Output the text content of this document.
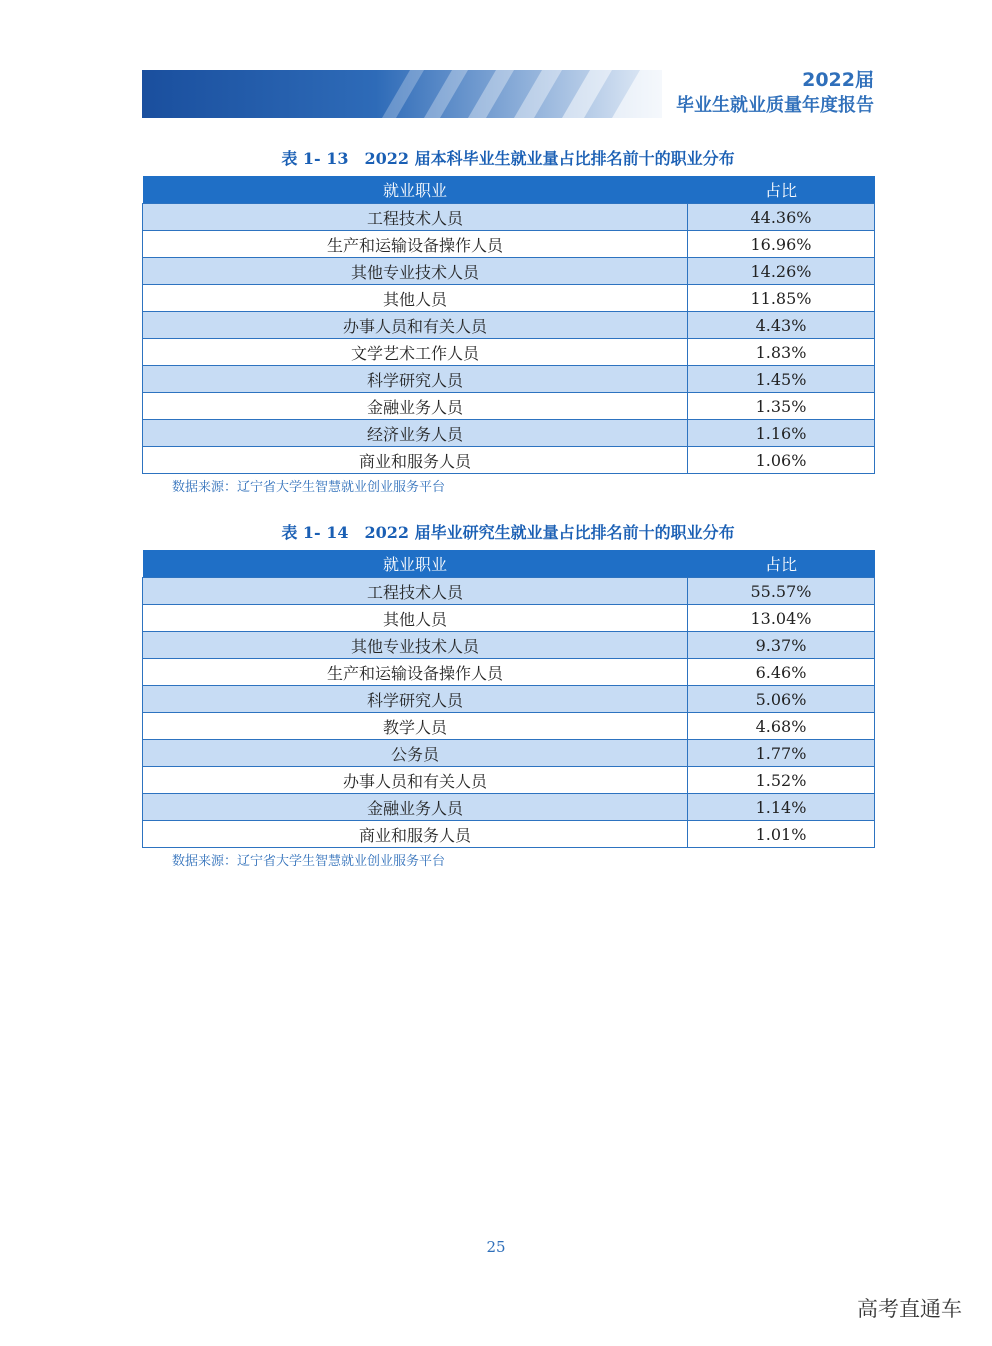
2022届
毕业生就业质量年度报告
表 1- 13 2022 届本科毕业生就业量占比排名前十的职业分布
就业职业	占比
工程技术人员	44.36%
生产和运输设备操作人员	16.96%
其他专业技术人员	14.26%
其他人员	11.85%
办事人员和有关人员	4.43%
文学艺术工作人员	1.83%
科学研究人员	1.45%
金融业务人员	1.35%
经济业务人员	1.16%
商业和服务人员	1.06%
数据来源：辽宁省大学生智慧就业创业服务平台
表 1- 14 2022 届毕业研究生就业量占比排名前十的职业分布
就业职业	占比
工程技术人员	55.57%
其他人员	13.04%
其他专业技术人员	9.37%
生产和运输设备操作人员	6.46%
科学研究人员	5.06%
教学人员	4.68%
公务员	1.77%
办事人员和有关人员	1.52%
金融业务人员	1.14%
商业和服务人员	1.01%
数据来源：辽宁省大学生智慧就业创业服务平台
25
高考直通车
